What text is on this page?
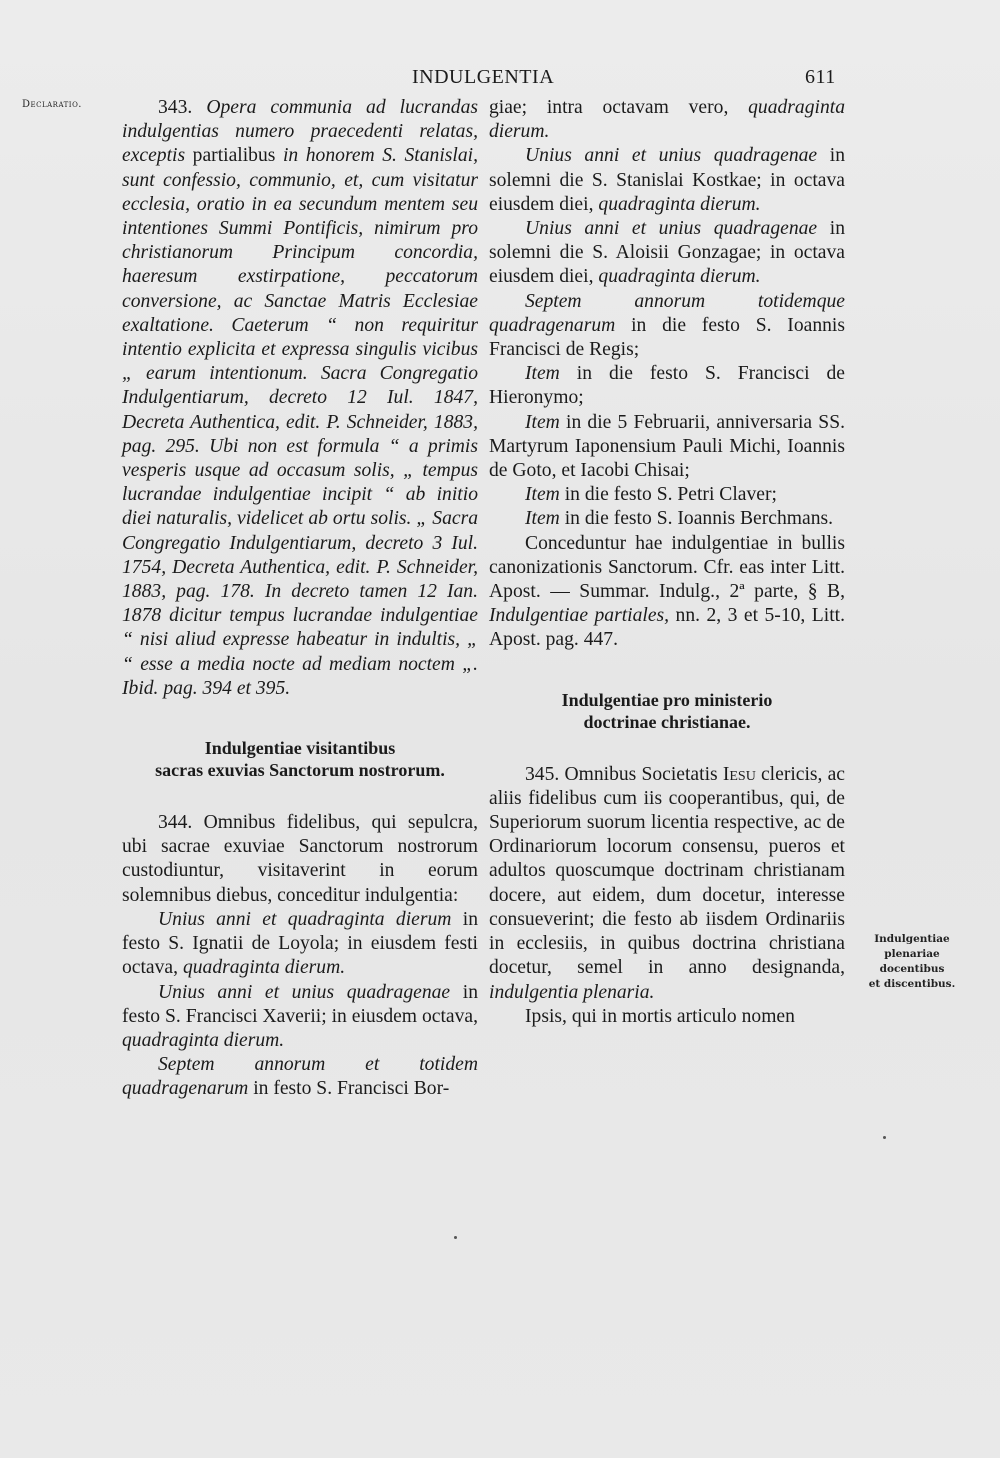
INDULGENTIA	611
Declaratio.
Indulgentiae
plenariae
docentibus
et discentibus.

343. Opera communia ad lucrandas indulgentias numero praecedenti relatas, exceptis partialibus in honorem S. Stanislai, sunt confessio, communio, et, cum visitatur ecclesia, oratio in ea secundum mentem seu intentiones Summi Pontificis, nimirum pro christianorum Principum concordia, haeresum exstirpatione, peccatorum conversione, ac Sanctae Matris Ecclesiae exaltatione. Caeterum “ non requiritur intentio explicita et expressa singulis vicibus „ earum intentionum. Sacra Congregatio Indulgentiarum, decreto 12 Iul. 1847, Decreta Authentica, edit. P. Schneider, 1883, pag. 295. Ubi non est formula “ a primis vesperis usque ad occasum solis, „ tempus lucrandae indulgentiae incipit “ ab initio diei naturalis, videlicet ab ortu solis. „ Sacra Congregatio Indulgentiarum, decreto 3 Iul. 1754, Decreta Authentica, edit. P. Schneider, 1883, pag. 178. In decreto tamen 12 Ian. 1878 dicitur tempus lucrandae indulgentiae “ nisi aliud expresse habeatur in indultis, „ “ esse a media nocte ad mediam noctem „. Ibid. pag. 394 et 395.

Indulgentiae visitantibus
sacras exuvias Sanctorum nostrorum.

344. Omnibus fidelibus, qui sepulcra, ubi sacrae exuviae Sanctorum nostrorum custodiuntur, visitaverint in eorum solemnibus diebus, conceditur indulgentia:

Unius anni et quadraginta dierum in festo S. Ignatii de Loyola; in eiusdem festi octava, quadraginta dierum.

Unius anni et unius quadragenae in festo S. Francisci Xaverii; in eiusdem octava, quadraginta dierum.

Septem annorum et totidem quadragenarum in festo S. Francisci Bor-

giae; intra octavam vero, quadraginta dierum.

Unius anni et unius quadragenae in solemni die S. Stanislai Kostkae; in octava eiusdem diei, quadraginta dierum.

Unius anni et unius quadragenae in solemni die S. Aloisii Gonzagae; in octava eiusdem diei, quadraginta dierum.

Septem annorum totidemque quadragenarum in die festo S. Ioannis Francisci de Regis;

Item in die festo S. Francisci de Hieronymo;

Item in die 5 Februarii, anniversaria SS. Martyrum Iaponensium Pauli Michi, Ioannis de Goto, et Iacobi Chisai;

Item in die festo S. Petri Claver;

Item in die festo S. Ioannis Berchmans.

Conceduntur hae indulgentiae in bullis canonizationis Sanctorum. Cfr. eas inter Litt. Apost. — Summar. Indulg., 2ª parte, § B, Indulgentiae partiales, nn. 2, 3 et 5-10, Litt. Apost. pag. 447.

Indulgentiae pro ministerio
doctrinae christianae.

345. Omnibus Societatis Iesu clericis, ac aliis fidelibus cum iis cooperantibus, qui, de Superiorum suorum licentia respective, ac de Ordinariorum locorum consensu, pueros et adultos quoscumque doctrinam christianam docere, aut eidem, dum docetur, interesse consueverint; die festo ab iisdem Ordinariis in ecclesiis, in quibus doctrina christiana docetur, semel in anno designanda, indulgentia plenaria.

Ipsis, qui in mortis articulo nomen
